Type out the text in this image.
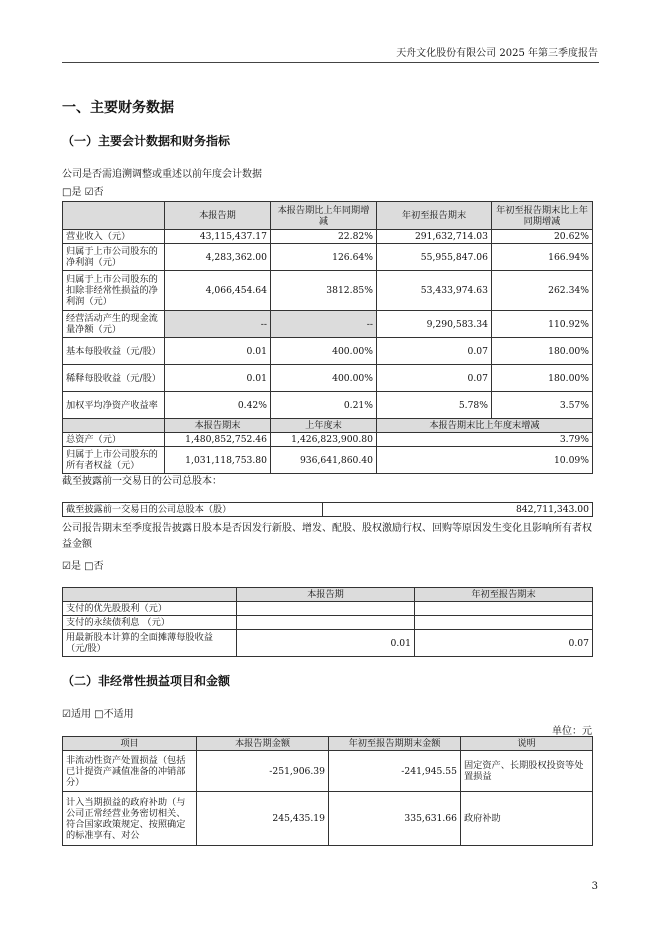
天舟文化股份有限公司 2025 年第三季度报告
一、主要财务数据
（一）主要会计数据和财务指标
公司是否需追溯调整或重述以前年度会计数据
□是 ☑否
	本报告期	本报告期比上年同期增减	年初至报告期末	年初至报告期末比上年同期增减
营业收入（元）	43,115,437.17	22.82%	291,632,714.03	20.62%
归属于上市公司股东的净利润（元）	4,283,362.00	126.64%	55,955,847.06	166.94%
归属于上市公司股东的扣除非经常性损益的净利润（元）	4,066,454.64	3812.85%	53,433,974.63	262.34%
经营活动产生的现金流量净额（元）	--	--	9,290,583.34	110.92%
基本每股收益（元/股）	0.01	400.00%	0.07	180.00%
稀释每股收益（元/股）	0.01	400.00%	0.07	180.00%
加权平均净资产收益率	0.42%	0.21%	5.78%	3.57%
	本报告期末	上年度末	本报告期末比上年度末增减	
总资产（元）	1,480,852,752.46	1,426,823,900.80	3.79%	
归属于上市公司股东的所有者权益（元）	1,031,118,753.80	936,641,860.40	10.09%	
截至披露前一交易日的公司总股本：
截至披露前一交易日的公司总股本（股）	842,711,343.00
公司报告期末至季度报告披露日股本是否因发行新股、增发、配股、股权激励行权、回购等原因发生变化且影响所有者权益金额
☑是 □否
	本报告期	年初至报告期末
支付的优先股股利（元）		
支付的永续债利息 （元）		
用最新股本计算的全面摊薄每股收益（元/股）	0.01	0.07
（二）非经常性损益项目和金额
☑适用 □不适用
单位：元
项目	本报告期金额	年初至报告期期末金额	说明
非流动性资产处置损益（包括已计提资产减值准备的冲销部分）	-251,906.39	-241,945.55	固定资产、长期股权投资等处置损益
计入当期损益的政府补助（与公司正常经营业务密切相关、符合国家政策规定、按照确定的标准享有、对公	245,435.19	335,631.66	政府补助
3
